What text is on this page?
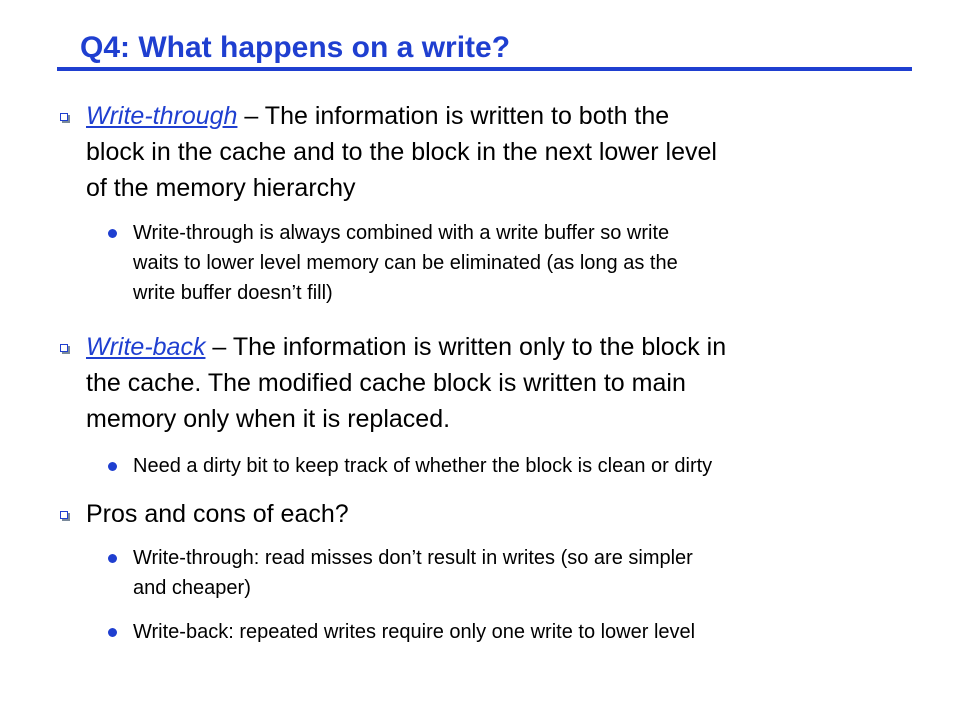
Q4: What happens on a write?
Write-through – The information is written to both the
block in the cache and to the block in the next lower level
of the memory hierarchy
Write-through is always combined with a write buffer so write
waits to lower level memory can be eliminated (as long as the
write buffer doesn’t fill)
Write-back – The information is written only to the block in
the cache. The modified cache block is written to main
memory only when it is replaced.
Need a dirty bit to keep track of whether the block is clean or dirty
Pros and cons of each?
Write-through: read misses don’t result in writes (so are simpler
and cheaper)
Write-back: repeated writes require only one write to lower level
